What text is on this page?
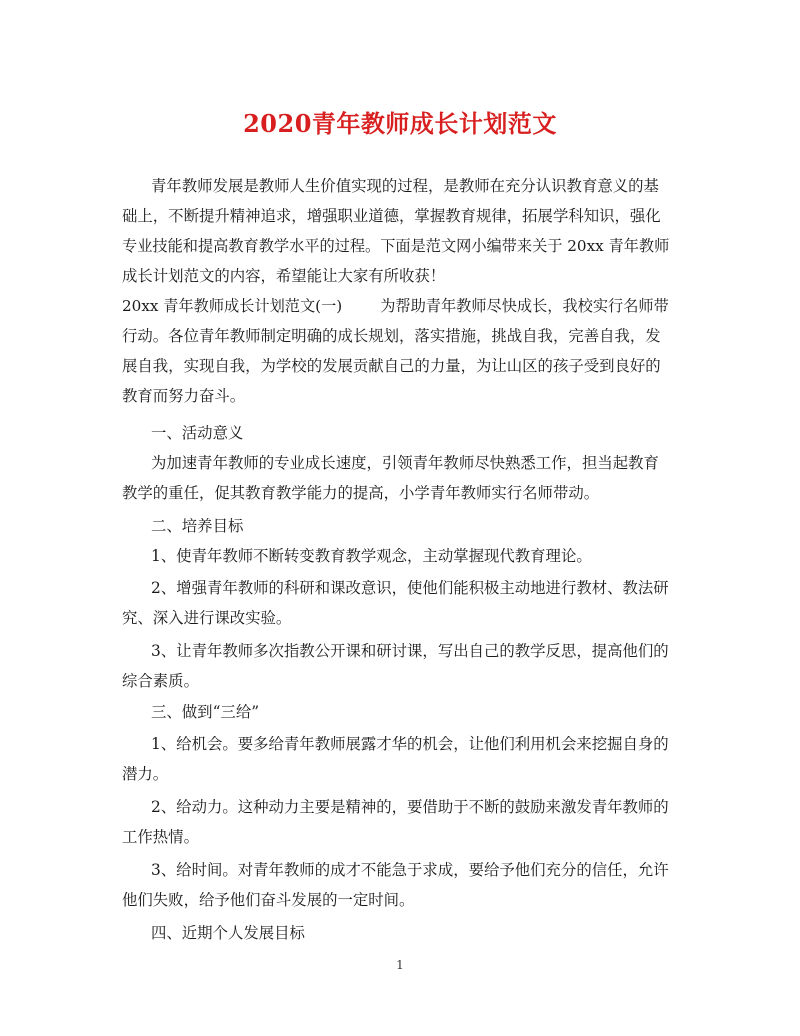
2020青年教师成长计划范文
青年教师发展是教师人生价值实现的过程，是教师在充分认识教育意义的基
础上，不断提升精神追求，增强职业道德，掌握教育规律，拓展学科知识，强化
专业技能和提高教育教学水平的过程。下面是范文网小编带来关于 20xx 青年教师
成长计划范文的内容，希望能让大家有所收获！
20xx 青年教师成长计划范文(一)	为帮助青年教师尽快成长，我校实行名师带
行动。各位青年教师制定明确的成长规划，落实措施，挑战自我，完善自我，发
展自我，实现自我，为学校的发展贡献自己的力量，为让山区的孩子受到良好的
教育而努力奋斗。
一、活动意义
为加速青年教师的专业成长速度，引领青年教师尽快熟悉工作，担当起教育
教学的重任，促其教育教学能力的提高，小学青年教师实行名师带动。
二、培养目标
1、使青年教师不断转变教育教学观念，主动掌握现代教育理论。
2、增强青年教师的科研和课改意识，使他们能积极主动地进行教材、教法研
究、深入进行课改实验。
3、让青年教师多次指教公开课和研讨课，写出自己的教学反思，提高他们的
综合素质。
三、做到“三给”
1、给机会。要多给青年教师展露才华的机会，让他们利用机会来挖掘自身的
潜力。
2、给动力。这种动力主要是精神的，要借助于不断的鼓励来激发青年教师的
工作热情。
3、给时间。对青年教师的成才不能急于求成，要给予他们充分的信任，允许
他们失败，给予他们奋斗发展的一定时间。
四、近期个人发展目标
1
